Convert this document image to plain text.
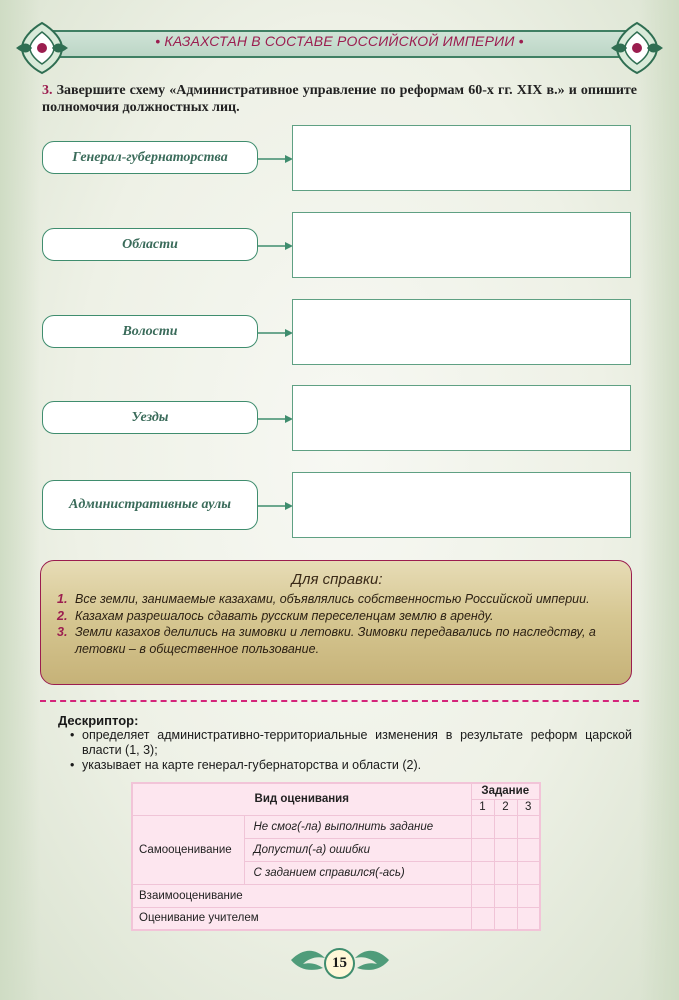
• КАЗАХСТАН В СОСТАВЕ РОССИЙСКОЙ ИМПЕРИИ •
3. Завершите схему «Административное управление по реформам 60-х гг. XIX в.» и опишите полномочия должностных лиц.
Генерал-губернаторства
Области
Волости
Уезды
Административные аулы
Для справки:
1. Все земли, занимаемые казахами, объявлялись собственностью Российской империи.
2. Казахам разрешалось сдавать русским переселенцам землю в аренду.
3. Земли казахов делились на зимовки и летовки. Зимовки передавались по наследству, а летовки – в общественное пользование.
Дескриптор:
• определяет административно-территориальные изменения в результате реформ царской власти (1, 3);
• указывает на карте генерал-губернаторства и области (2).
Вид оценивания		Задание		
		1	2	3
Самооценивание	Не смог(-ла) выполнить задание			
	Допустил(-а) ошибки			
	С заданием справился(-ась)			
Взаимооценивание				
Оценивание учителем				
15
